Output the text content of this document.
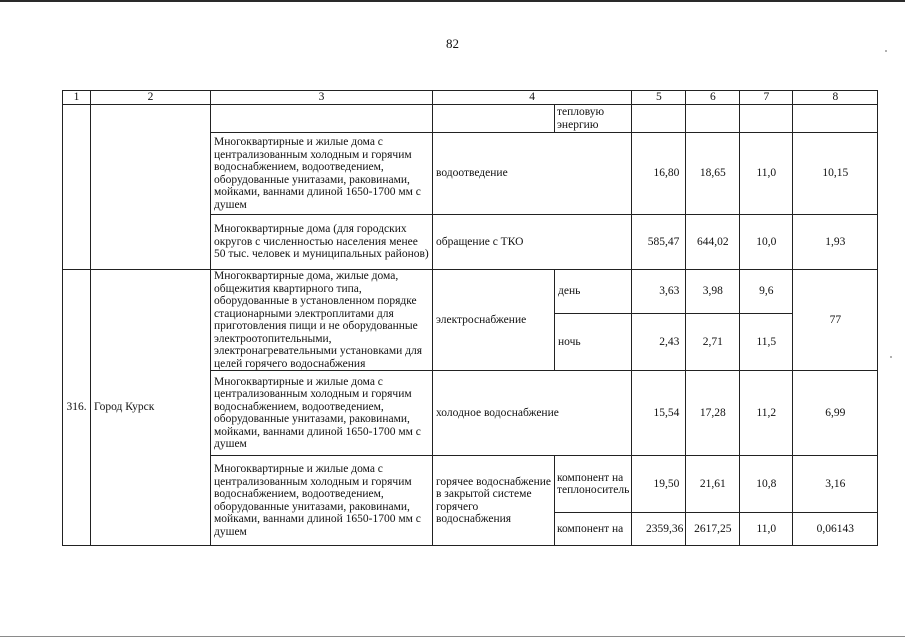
82
1	2	3	4		5	6	7	8
				тепловую энергию				
		Многоквартирные и жилые дома с централизованным холодным и горячим водоснабжением, водоотведением, оборудованные унитазами, раковинами, мойками, ваннами длиной 1650-1700 мм с душем	водоотведение		16,80	18,65	11,0	10,15
		Многоквартирные дома (для городских округов с численностью населения менее 50 тыс. человек и муниципальных районов)	обращение с ТКО		585,47	644,02	10,0	1,93
316.	Город Курск	Многоквартирные дома, жилые дома, общежития квартирного типа, оборудованные в установленном порядке стационарными электроплитами для приготовления пищи и не оборудованные электроотопительными, электронагревательными установками для целей горячего водоснабжения	электроснабжение	день	3,63	3,98	9,6	77
				ночь	2,43	2,71	11,5	
		Многоквартирные и жилые дома с централизованным холодным и горячим водоснабжением, водоотведением, оборудованные унитазами, раковинами, мойками, ваннами длиной 1650-1700 мм с душем	холодное водоснабжение		15,54	17,28	11,2	6,99
		Многоквартирные и жилые дома с централизованным холодным и горячим водоснабжением, водоотведением, оборудованные унитазами, раковинами, мойками, ваннами длиной 1650-1700 мм с душем	горячее водоснабжение в закрытой системе горячего водоснабжения	компонент на теплоноситель	19,50	21,61	10,8	3,16
				компонент на	2359,36	2617,25	11,0	0,06143
